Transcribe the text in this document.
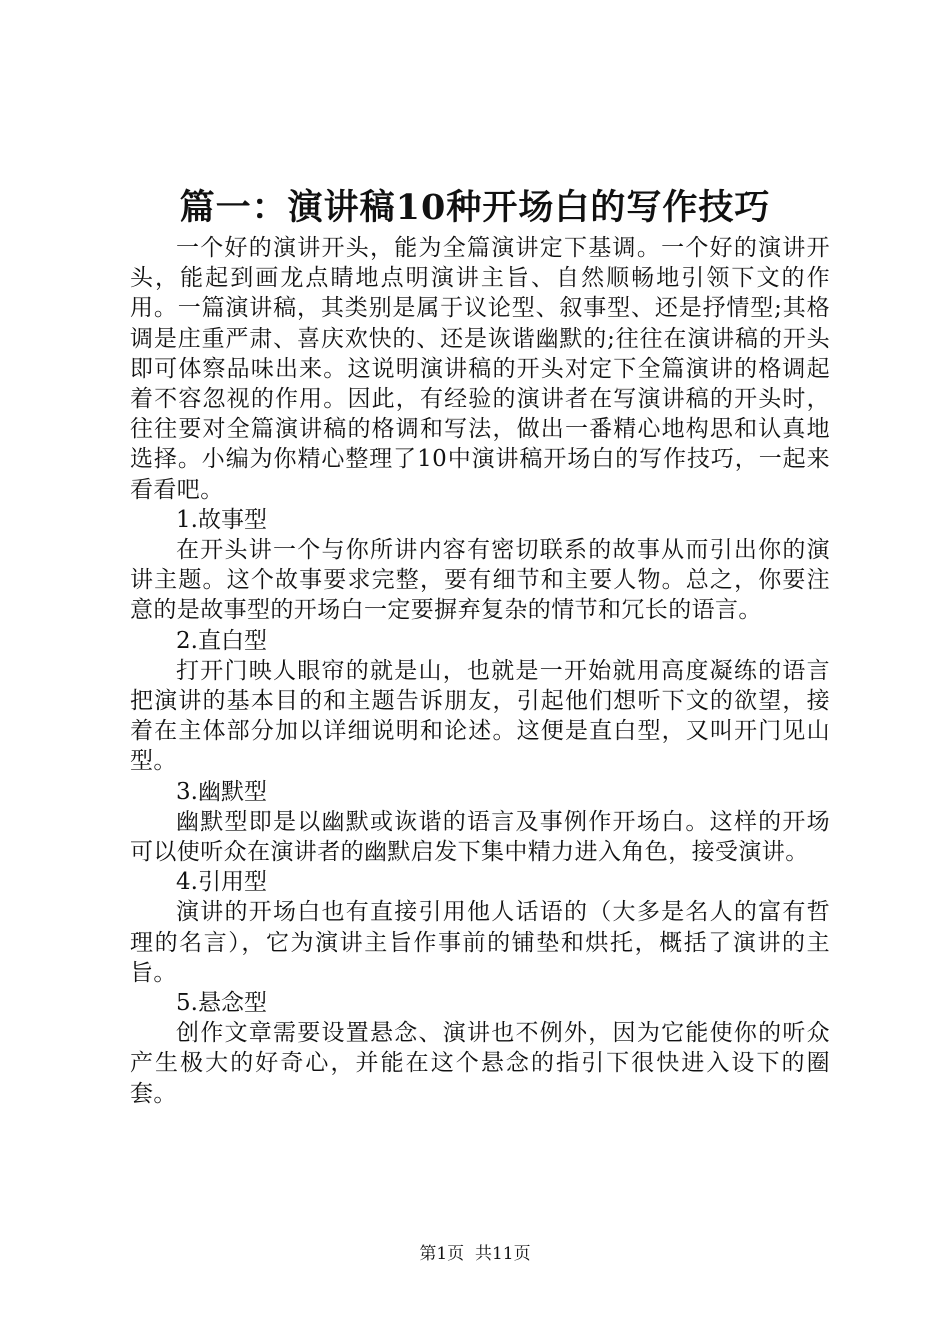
篇一：演讲稿10种开场白的写作技巧

一个好的演讲开头，能为全篇演讲定下基调。一个好的演讲开头，能起到画龙点睛地点明演讲主旨、自然顺畅地引领下文的作用。一篇演讲稿，其类别是属于议论型、叙事型、还是抒情型;其格调是庄重严肃、喜庆欢快的、还是诙谐幽默的;往往在演讲稿的开头即可体察品味出来。这说明演讲稿的开头对定下全篇演讲的格调起着不容忽视的作用。因此，有经验的演讲者在写演讲稿的开头时，往往要对全篇演讲稿的格调和写法，做出一番精心地构思和认真地选择。小编为你精心整理了10中演讲稿开场白的写作技巧，一起来看看吧。

1.故事型

在开头讲一个与你所讲内容有密切联系的故事从而引出你的演讲主题。这个故事要求完整，要有细节和主要人物。总之，你要注意的是故事型的开场白一定要摒弃复杂的情节和冗长的语言。

2.直白型

打开门映人眼帘的就是山，也就是一开始就用高度凝练的语言把演讲的基本目的和主题告诉朋友，引起他们想听下文的欲望，接着在主体部分加以详细说明和论述。这便是直白型，又叫开门见山型。

3.幽默型

幽默型即是以幽默或诙谐的语言及事例作开场白。这样的开场可以使听众在演讲者的幽默启发下集中精力进入角色，接受演讲。

4.引用型

演讲的开场白也有直接引用他人话语的（大多是名人的富有哲理的名言），它为演讲主旨作事前的铺垫和烘托，概括了演讲的主旨。

5.悬念型

创作文章需要设置悬念、演讲也不例外，因为它能使你的听众产生极大的好奇心，并能在这个悬念的指引下很快进入设下的圈套。

第1页  共11页
